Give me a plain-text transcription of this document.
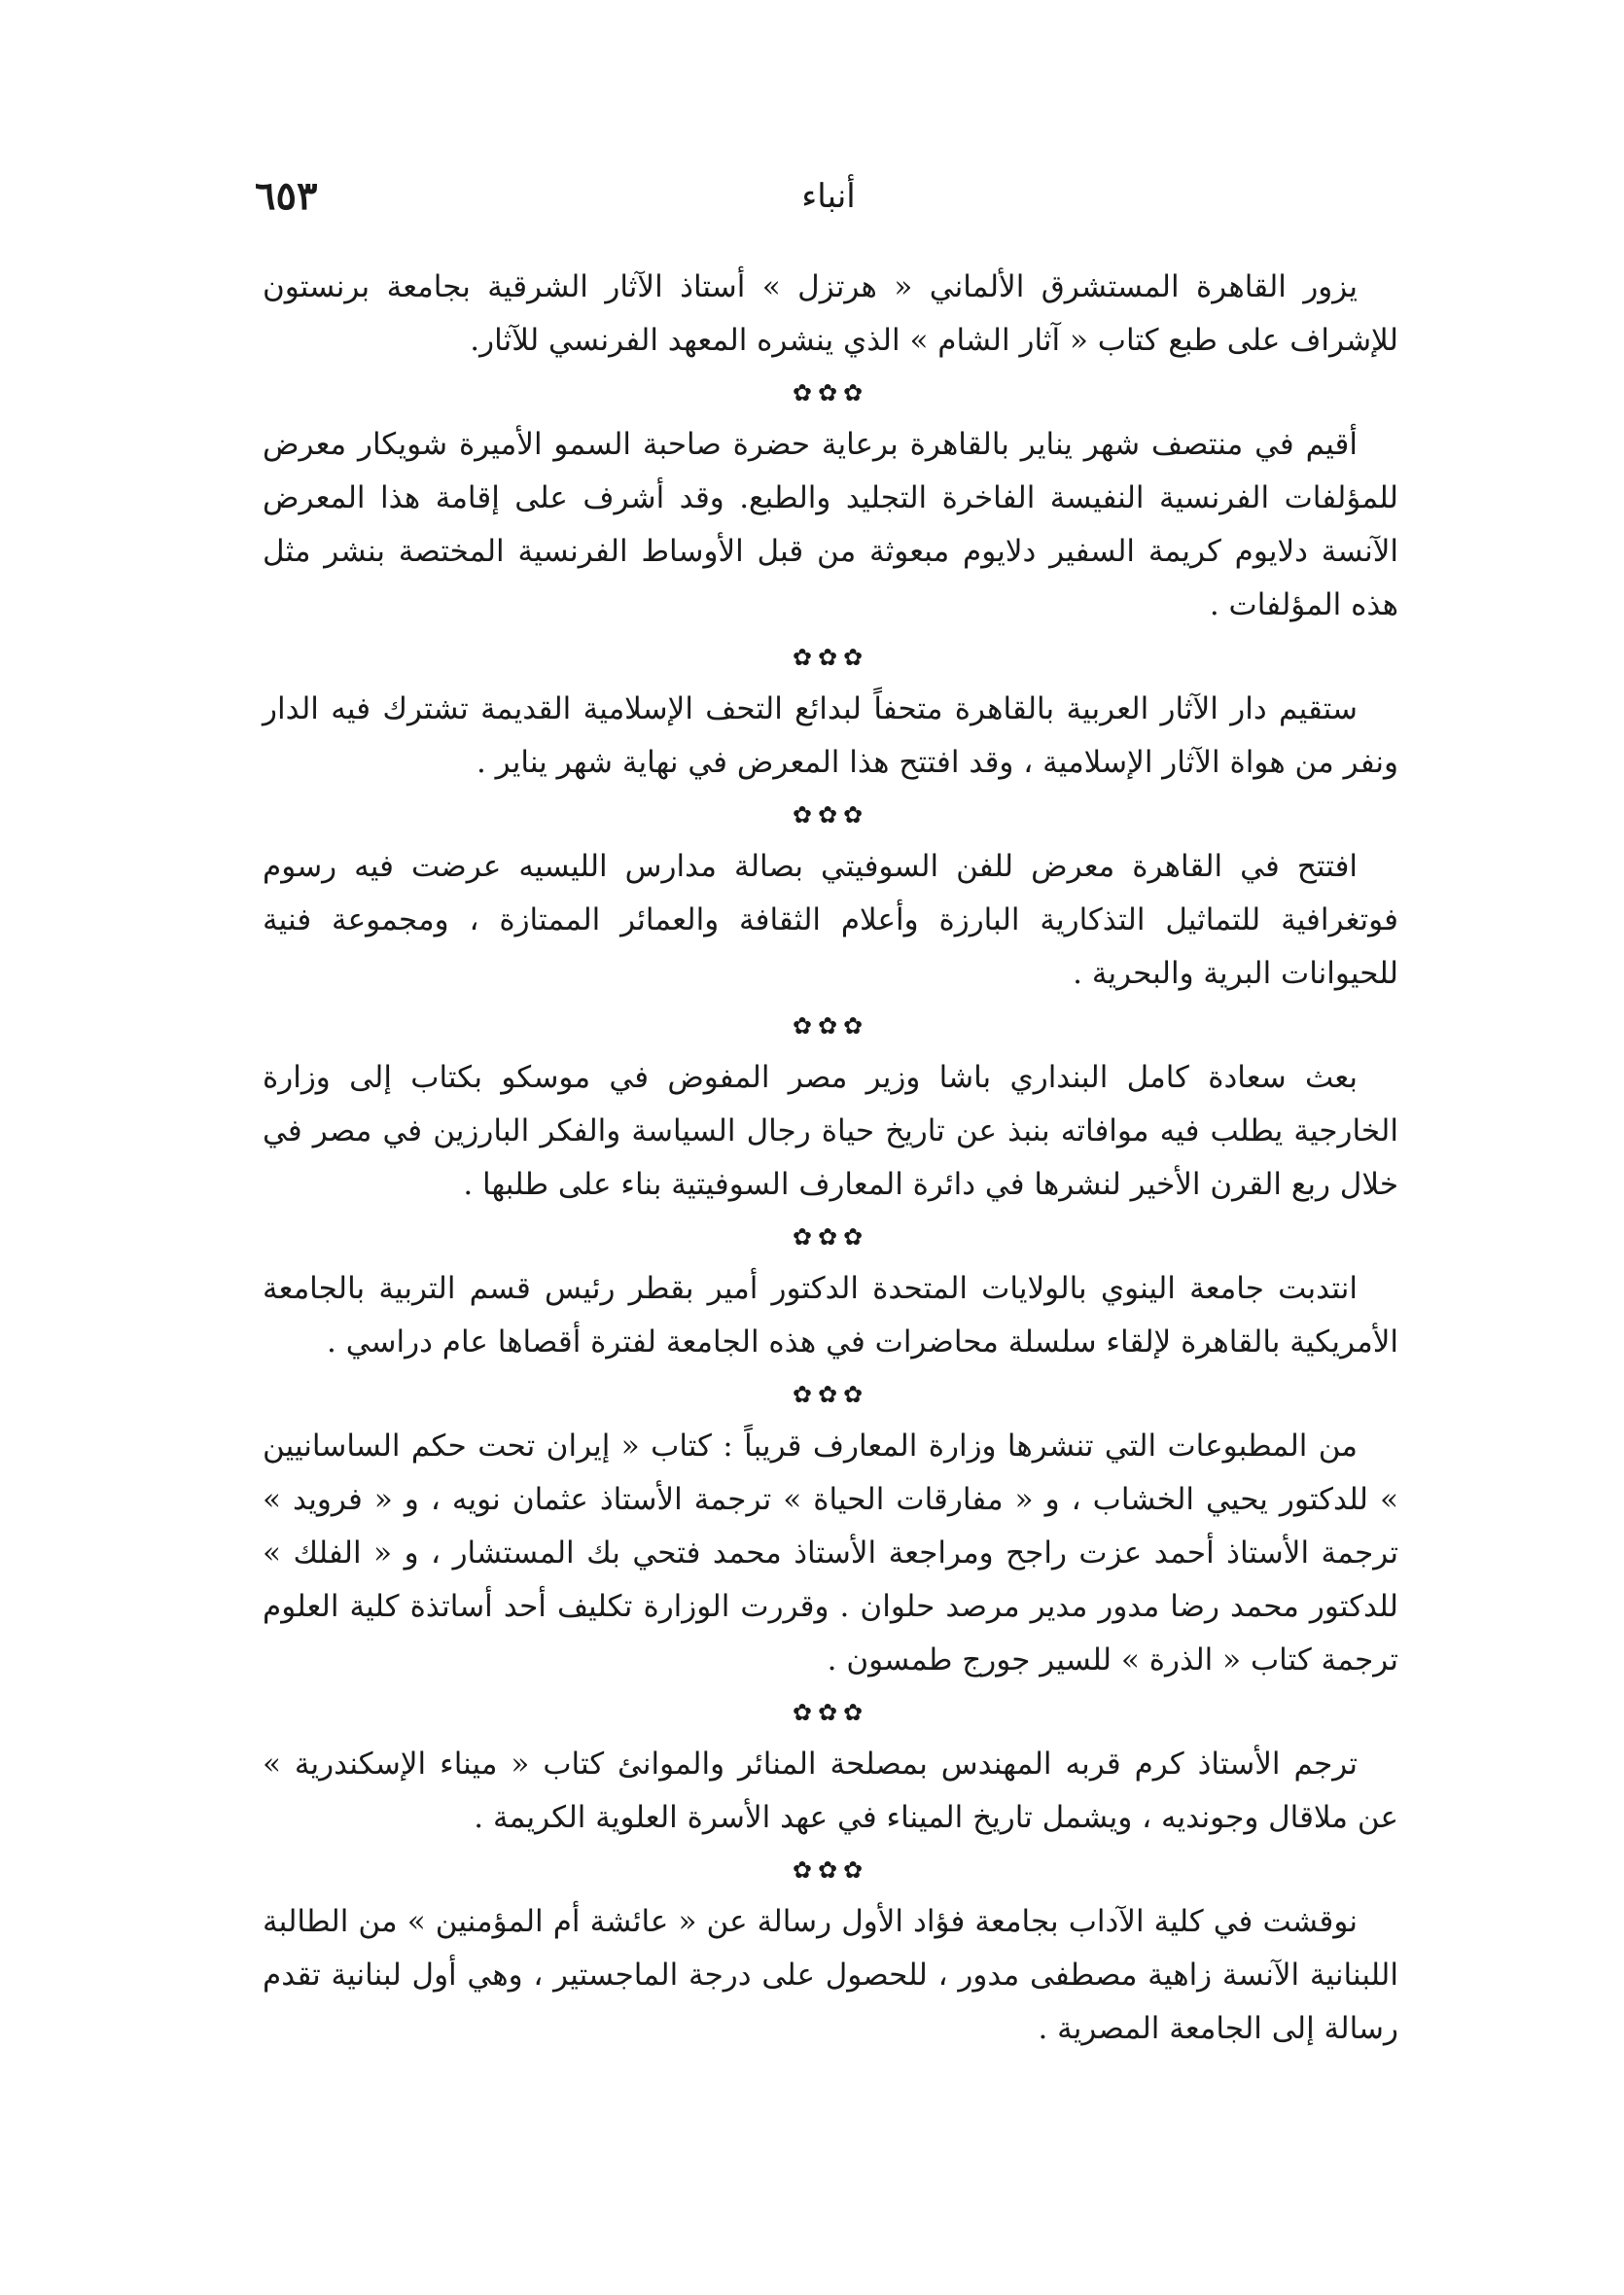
أنباء
٦٥٣

يزور القاهرة المستشرق الألماني « هرتزل » أستاذ الآثار الشرقية بجامعة برنستون للإشراف على طبع كتاب « آثار الشام » الذي ينشره المعهد الفرنسي للآثار.

✿✿✿

أقيم في منتصف شهر يناير بالقاهرة برعاية حضرة صاحبة السمو الأميرة شويكار معرض للمؤلفات الفرنسية النفيسة الفاخرة التجليد والطبع. وقد أشرف على إقامة هذا المعرض الآنسة دلايوم كريمة السفير دلايوم مبعوثة من قبل الأوساط الفرنسية المختصة بنشر مثل هذه المؤلفات .

✿✿✿

ستقيم دار الآثار العربية بالقاهرة متحفاً لبدائع التحف الإسلامية القديمة تشترك فيه الدار ونفر من هواة الآثار الإسلامية ، وقد افتتح هذا المعرض في نهاية شهر يناير .

✿✿✿

افتتح في القاهرة معرض للفن السوفيتي بصالة مدارس الليسيه عرضت فيه رسوم فوتغرافية للتماثيل التذكارية البارزة وأعلام الثقافة والعمائر الممتازة ، ومجموعة فنية للحيوانات البرية والبحرية .

✿✿✿

بعث سعادة كامل البنداري باشا وزير مصر المفوض في موسكو بكتاب إلى وزارة الخارجية يطلب فيه موافاته بنبذ عن تاريخ حياة رجال السياسة والفكر البارزين في مصر في خلال ربع القرن الأخير لنشرها في دائرة المعارف السوفيتية بناء على طلبها .

✿✿✿

انتدبت جامعة الينوي بالولايات المتحدة الدكتور أمير بقطر رئيس قسم التربية بالجامعة الأمريكية بالقاهرة لإلقاء سلسلة محاضرات في هذه الجامعة لفترة أقصاها عام دراسي .

✿✿✿

من المطبوعات التي تنشرها وزارة المعارف قريباً : كتاب « إيران تحت حكم الساسانيين » للدكتور يحيي الخشاب ، و « مفارقات الحياة » ترجمة الأستاذ عثمان نويه ، و « فرويد » ترجمة الأستاذ أحمد عزت راجح ومراجعة الأستاذ محمد فتحي بك المستشار ، و « الفلك » للدكتور محمد رضا مدور مدير مرصد حلوان . وقررت الوزارة تكليف أحد أساتذة كلية العلوم ترجمة كتاب « الذرة » للسير جورج طمسون .

✿✿✿

ترجم الأستاذ كرم قربه المهندس بمصلحة المنائر والموانئ كتاب « ميناء الإسكندرية » عن ملاقال وجونديه ، ويشمل تاريخ الميناء في عهد الأسرة العلوية الكريمة .

✿✿✿

نوقشت في كلية الآداب بجامعة فؤاد الأول رسالة عن « عائشة أم المؤمنين » من الطالبة اللبنانية الآنسة زاهية مصطفى مدور ، للحصول على درجة الماجستير ، وهي أول لبنانية تقدم رسالة إلى الجامعة المصرية .
